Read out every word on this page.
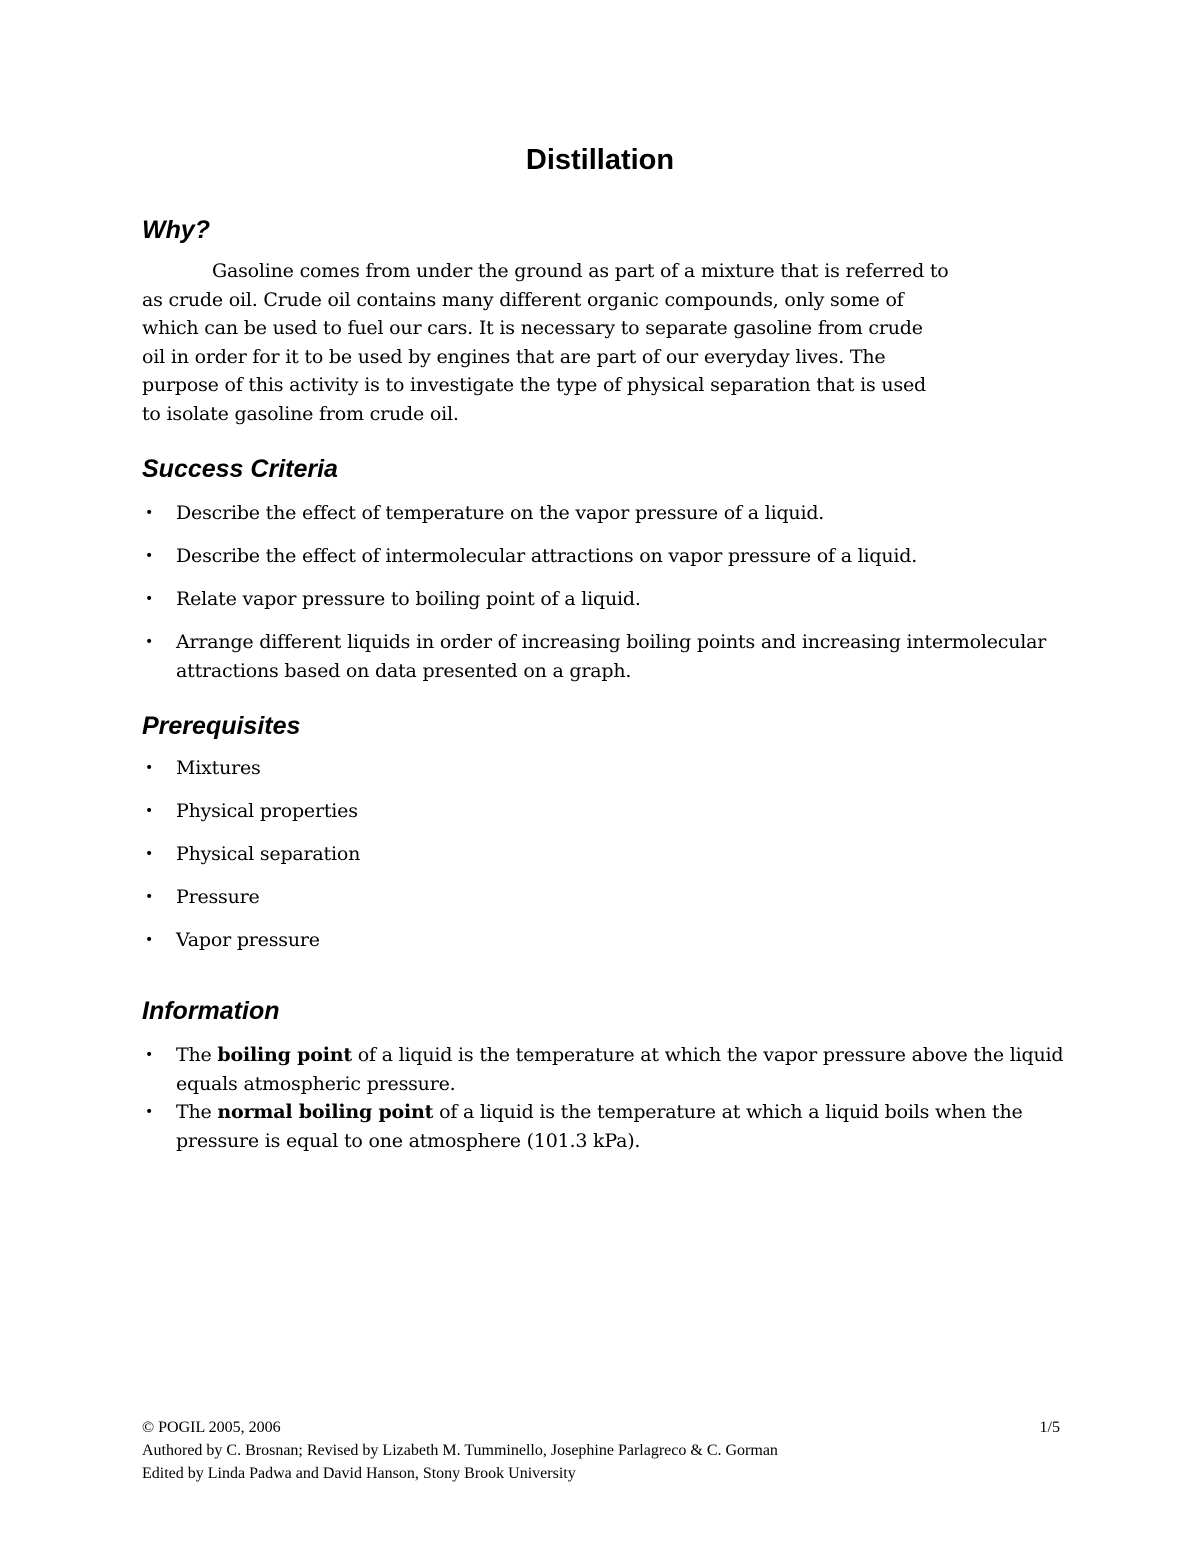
Distillation
Why?
Gasoline comes from under the ground as part of a mixture that is referred to
as crude oil. Crude oil contains many different organic compounds, only some of
which can be used to fuel our cars. It is necessary to separate gasoline from crude
oil in order for it to be used by engines that are part of our everyday lives. The
purpose of this activity is to investigate the type of physical separation that is used
to isolate gasoline from crude oil.
Success Criteria
• Describe the effect of temperature on the vapor pressure of a liquid.
• Describe the effect of intermolecular attractions on vapor pressure of a liquid.
• Relate vapor pressure to boiling point of a liquid.
• Arrange different liquids in order of increasing boiling points and increasing intermolecular attractions based on data presented on a graph.
Prerequisites
• Mixtures
• Physical properties
• Physical separation
• Pressure
• Vapor pressure
Information
• The boiling point of a liquid is the temperature at which the vapor pressure above the liquid equals atmospheric pressure.
• The normal boiling point of a liquid is the temperature at which a liquid boils when the pressure is equal to one atmosphere (101.3 kPa).
© POGIL 2005, 2006	1/5
Authored by C. Brosnan; Revised by Lizabeth M. Tumminello, Josephine Parlagreco & C. Gorman
Edited by Linda Padwa and David Hanson, Stony Brook University
